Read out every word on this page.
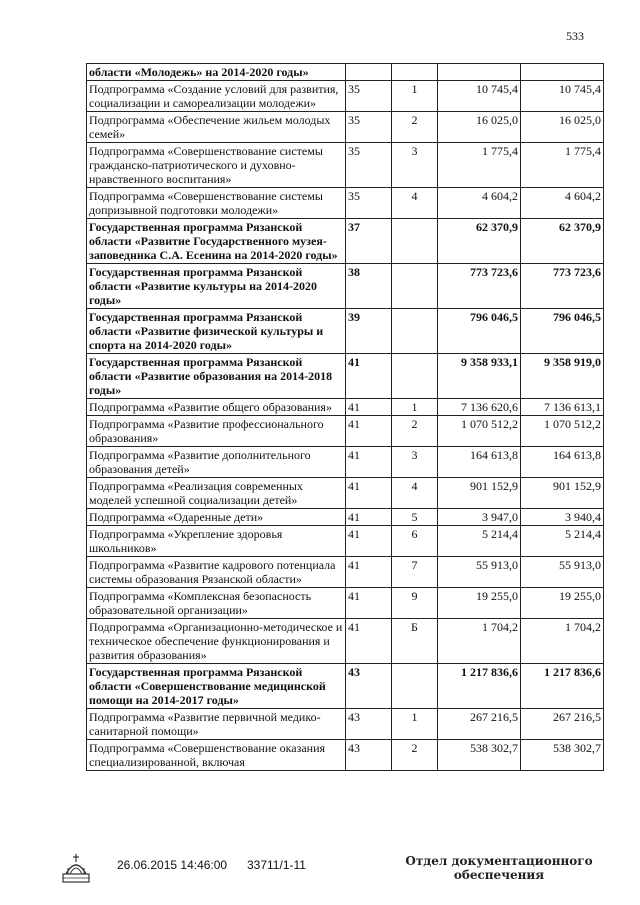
533
области «Молодежь» на 2014-2020 годы»				
Подпрограмма «Создание условий для развития, социализации и самореализации молодежи»	35	1	10 745,4	10 745,4
Подпрограмма «Обеспечение жильем молодых семей»	35	2	16 025,0	16 025,0
Подпрограмма «Совершенствование системы гражданско-патриотического и духовно-нравственного воспитания»	35	3	1 775,4	1 775,4
Подпрограмма «Совершенствование системы допризывной подготовки молодежи»	35	4	4 604,2	4 604,2
Государственная программа Рязанской области «Развитие Государственного музея-заповедника С.А. Есенина на 2014-2020 годы»	37		62 370,9	62 370,9
Государственная программа Рязанской области «Развитие культуры на 2014-2020 годы»	38		773 723,6	773 723,6
Государственная программа Рязанской области «Развитие физической культуры и спорта на 2014-2020 годы»	39		796 046,5	796 046,5
Государственная программа Рязанской области «Развитие образования на 2014-2018 годы»	41		9 358 933,1	9 358 919,0
Подпрограмма «Развитие общего образования»	41	1	7 136 620,6	7 136 613,1
Подпрограмма «Развитие профессионального образования»	41	2	1 070 512,2	1 070 512,2
Подпрограмма «Развитие дополнительного образования детей»	41	3	164 613,8	164 613,8
Подпрограмма «Реализация современных моделей успешной социализации детей»	41	4	901 152,9	901 152,9
Подпрограмма «Одаренные дети»	41	5	3 947,0	3 940,4
Подпрограмма «Укрепление здоровья школьников»	41	6	5 214,4	5 214,4
Подпрограмма «Развитие кадрового потенциала системы образования Рязанской области»	41	7	55 913,0	55 913,0
Подпрограмма «Комплексная безопасность образовательной организации»	41	9	19 255,0	19 255,0
Подпрограмма «Организационно-методическое и техническое обеспечение функционирования и развития образования»	41	Б	1 704,2	1 704,2
Государственная программа Рязанской области «Совершенствование медицинской помощи на 2014-2017 годы»	43		1 217 836,6	1 217 836,6
Подпрограмма «Развитие первичной медико-санитарной помощи»	43	1	267 216,5	267 216,5
Подпрограмма «Совершенствование оказания специализированной, включая	43	2	538 302,7	538 302,7
26.06.2015 14:46:00 33711/1-11	Отдел документационного обеспечения
